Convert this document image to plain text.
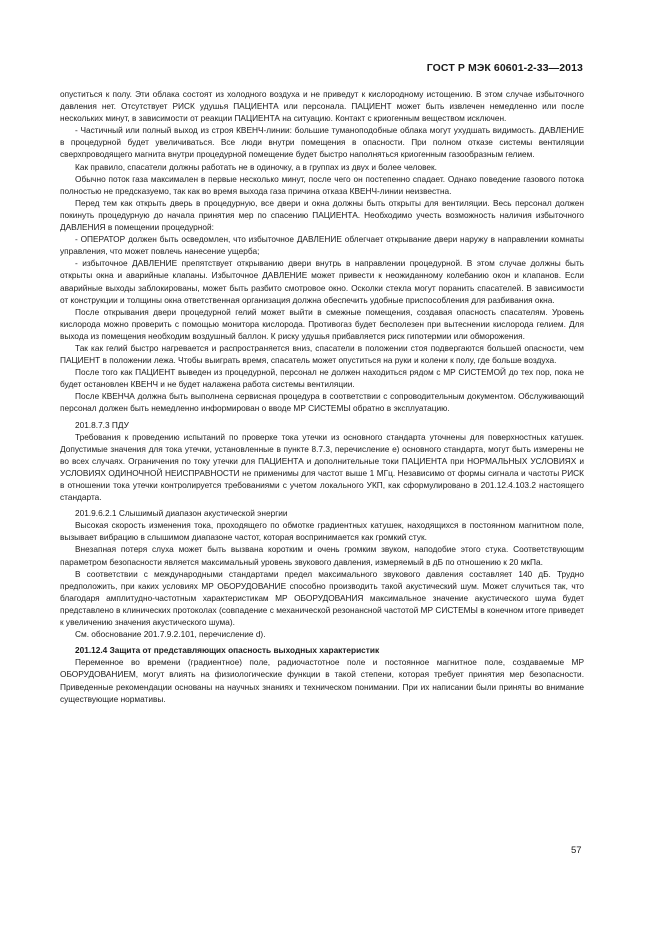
ГОСТ Р МЭК 60601-2-33—2013

опуститься к полу. Эти облака состоят из холодного воздуха и не приведут к кислородному истощению. В этом случае избыточного давления нет. Отсутствует РИСК удушья ПАЦИЕНТА или персонала. ПАЦИЕНТ может быть извлечен немедленно или после нескольких минут, в зависимости от реакции ПАЦИЕНТА на ситуацию. Контакт с криогенным веществом исключен.

- Частичный или полный выход из строя КВЕНЧ-линии: большие туманоподобные облака могут ухудшать видимость. ДАВЛЕНИЕ в процедурной будет увеличиваться. Все люди внутри помещения в опасности. При полном отказе системы вентиляции сверхпроводящего магнита внутри процедурной помещение будет быстро наполняться криогенным газообразным гелием.

Как правило, спасатели должны работать не в одиночку, а в группах из двух и более человек.

Обычно поток газа максимален в первые несколько минут, после чего он постепенно спадает. Однако поведение газового потока полностью не предсказуемо, так как во время выхода газа причина отказа КВЕНЧ-линии неизвестна.

Перед тем как открыть дверь в процедурную, все двери и окна должны быть открыты для вентиляции. Весь персонал должен покинуть процедурную до начала принятия мер по спасению ПАЦИЕНТА. Необходимо учесть возможность наличия избыточного ДАВЛЕНИЯ в помещении процедурной:

- ОПЕРАТОР должен быть осведомлен, что избыточное ДАВЛЕНИЕ облегчает открывание двери наружу в направлении комнаты управления, что может повлечь нанесение ущерба;

- избыточное ДАВЛЕНИЕ препятствует открыванию двери внутрь в направлении процедурной. В этом случае должны быть открыты окна и аварийные клапаны. Избыточное ДАВЛЕНИЕ может привести к неожиданному колебанию окон и клапанов. Если аварийные выходы заблокированы, может быть разбито смотровое окно. Осколки стекла могут поранить спасателей. В зависимости от конструкции и толщины окна ответственная организация должна обеспечить удобные приспособления для разбивания окна.

После открывания двери процедурной гелий может выйти в смежные помещения, создавая опасность спасателям. Уровень кислорода можно проверить с помощью монитора кислорода. Противогаз будет бесполезен при вытеснении кислорода гелием. Для выхода из помещения необходим воздушный баллон. К риску удушья прибавляется риск гипотермии или обморожения.

Так как гелий быстро нагревается и распространяется вниз, спасатели в положении стоя подвергаются большей опасности, чем ПАЦИЕНТ в положении лежа. Чтобы выиграть время, спасатель может опуститься на руки и колени к полу, где больше воздуха.

После того как ПАЦИЕНТ выведен из процедурной, персонал не должен находиться рядом с МР СИСТЕМОЙ до тех пор, пока не будет остановлен КВЕНЧ и не будет налажена работа системы вентиляции.

После КВЕНЧА должна быть выполнена сервисная процедура в соответствии с сопроводительным документом. Обслуживающий персонал должен быть немедленно информирован о вводе МР СИСТЕМЫ обратно в эксплуатацию.

201.8.7.3 ПДУ

Требования к проведению испытаний по проверке тока утечки из основного стандарта уточнены для поверхностных катушек. Допустимые значения для тока утечки, установленные в пункте 8.7.3, перечисление e) основного стандарта, могут быть измерены не во всех случаях. Ограничения по току утечки для ПАЦИЕНТА и дополнительные токи ПАЦИЕНТА при НОРМАЛЬНЫХ УСЛОВИЯХ и УСЛОВИЯХ ОДИНОЧНОЙ НЕИСПРАВНОСТИ не применимы для частот выше 1 МГц. Независимо от формы сигнала и частоты РИСК в отношении тока утечки контролируется требованиями с учетом локального УКП, как сформулировано в 201.12.4.103.2 настоящего стандарта.

201.9.6.2.1 Слышимый диапазон акустической энергии

Высокая скорость изменения тока, проходящего по обмотке градиентных катушек, находящихся в постоянном магнитном поле, вызывает вибрацию в слышимом диапазоне частот, которая воспринимается как громкий стук.

Внезапная потеря слуха может быть вызвана коротким и очень громким звуком, наподобие этого стука. Соответствующим параметром безопасности является максимальный уровень звукового давления, измеряемый в дБ по отношению к 20 мкПа.

В соответствии с международными стандартами предел максимального звукового давления составляет 140 дБ. Трудно предположить, при каких условиях МР ОБОРУДОВАНИЕ способно производить такой акустический шум. Может случиться так, что благодаря амплитудно-частотным характеристикам МР ОБОРУДОВАНИЯ максимальное значение акустического шума будет представлено в клинических протоколах (совпадение с механической резонансной частотой МР СИСТЕМЫ в конечном итоге приведет к увеличению значения акустического шума).

См. обоснование 201.7.9.2.101, перечисление d).

201.12.4 Защита от представляющих опасность выходных характеристик

Переменное во времени (градиентное) поле, радиочастотное поле и постоянное магнитное поле, создаваемые МР ОБОРУДОВАНИЕМ, могут влиять на физиологические функции в такой степени, которая требует принятия мер безопасности. Приведенные рекомендации основаны на научных знаниях и техническом понимании. При их написании были приняты во внимание существующие нормативы.

57
